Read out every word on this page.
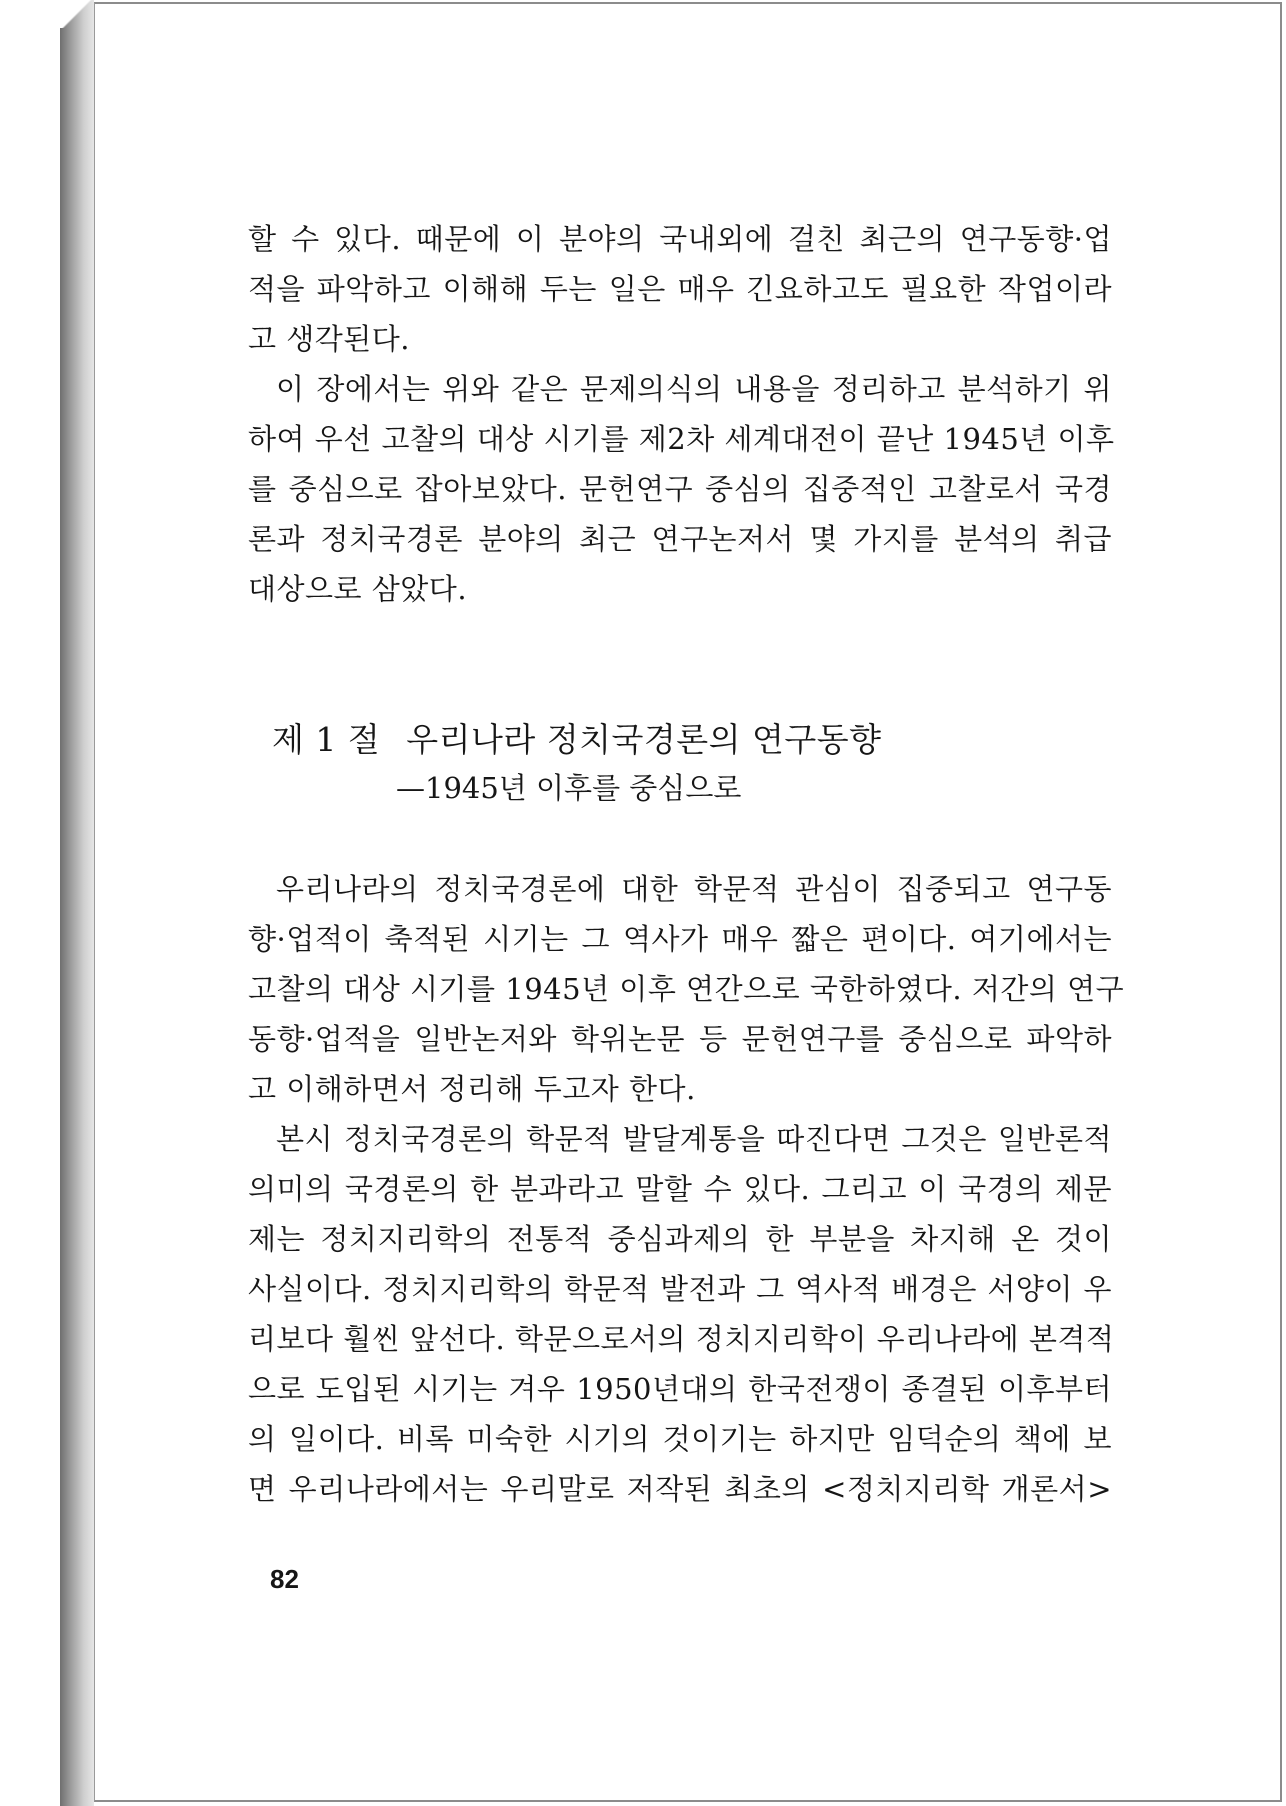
할 수 있다. 때문에 이 분야의 국내외에 걸친 최근의 연구동향·업
적을 파악하고 이해해 두는 일은 매우 긴요하고도 필요한 작업이라
고 생각된다.
이 장에서는 위와 같은 문제의식의 내용을 정리하고 분석하기 위
하여 우선 고찰의 대상 시기를 제2차 세계대전이 끝난 1945년 이후
를 중심으로 잡아보았다. 문헌연구 중심의 집중적인 고찰로서 국경
론과 정치국경론 분야의 최근 연구논저서 몇 가지를 분석의 취급
대상으로 삼았다.
제 1 절 우리나라 정치국경론의 연구동향
—1945년 이후를 중심으로
우리나라의 정치국경론에 대한 학문적 관심이 집중되고 연구동
향·업적이 축적된 시기는 그 역사가 매우 짧은 편이다. 여기에서는
고찰의 대상 시기를 1945년 이후 연간으로 국한하였다. 저간의 연구
동향·업적을 일반논저와 학위논문 등 문헌연구를 중심으로 파악하
고 이해하면서 정리해 두고자 한다.
본시 정치국경론의 학문적 발달계통을 따진다면 그것은 일반론적
의미의 국경론의 한 분과라고 말할 수 있다. 그리고 이 국경의 제문
제는 정치지리학의 전통적 중심과제의 한 부분을 차지해 온 것이
사실이다. 정치지리학의 학문적 발전과 그 역사적 배경은 서양이 우
리보다 훨씬 앞선다. 학문으로서의 정치지리학이 우리나라에 본격적
으로 도입된 시기는 겨우 1950년대의 한국전쟁이 종결된 이후부터
의 일이다. 비록 미숙한 시기의 것이기는 하지만 임덕순의 책에 보
면 우리나라에서는 우리말로 저작된 최초의 <정치지리학 개론서>
82
